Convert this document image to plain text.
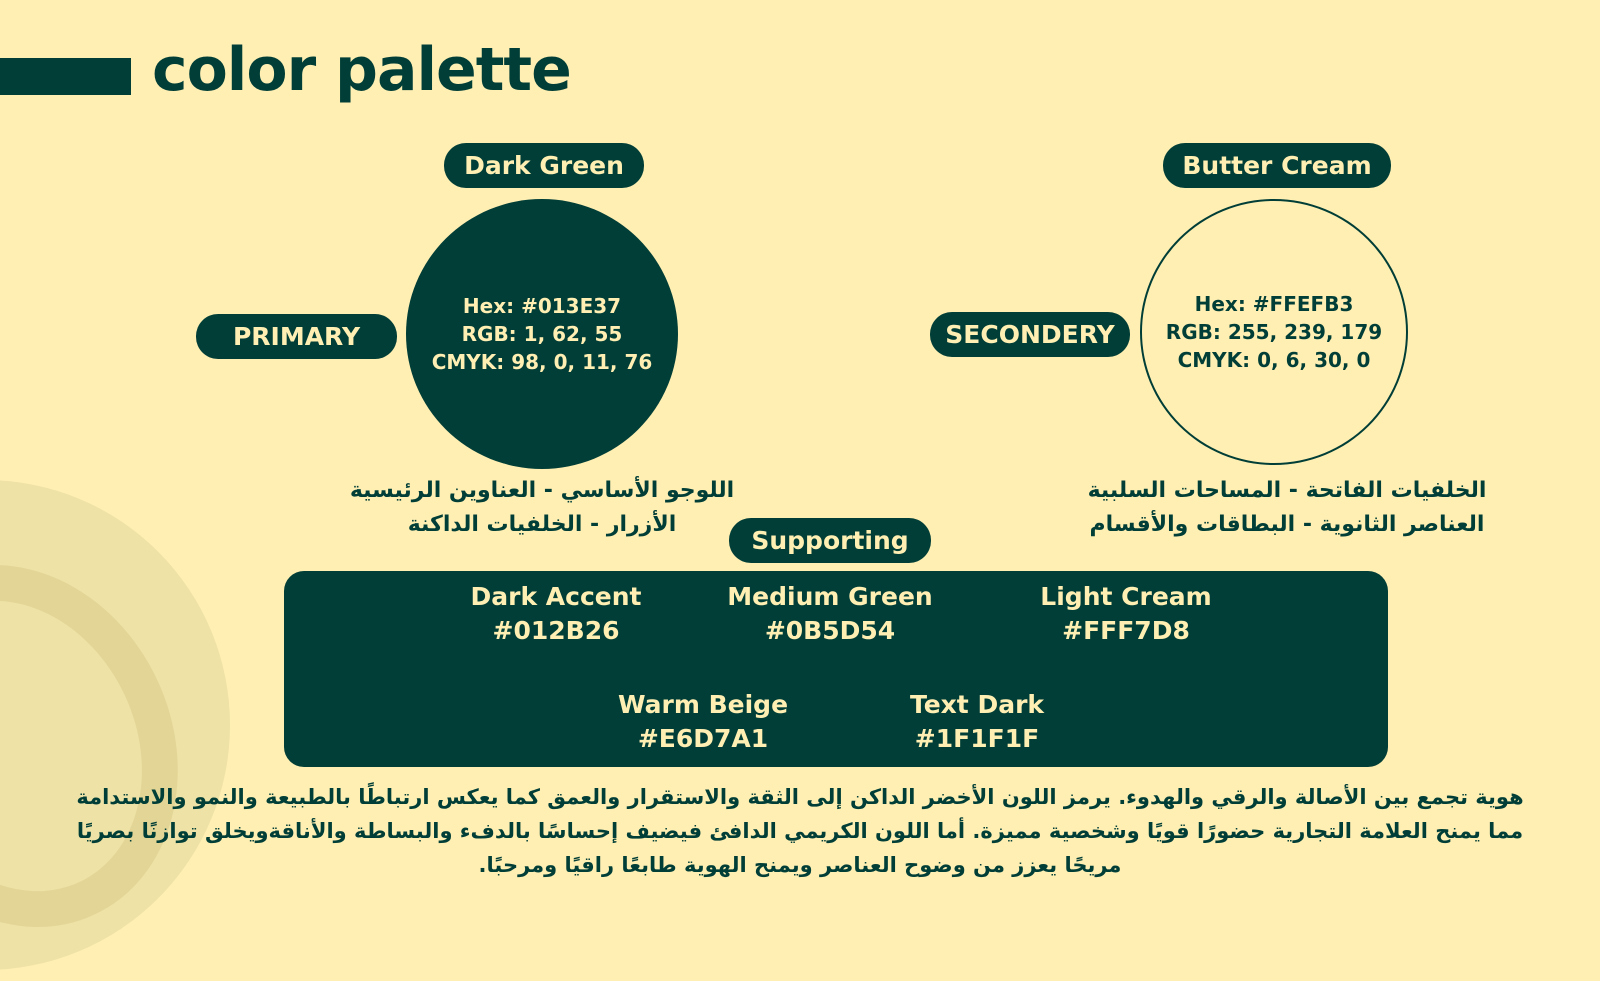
color palette
Dark Green
PRIMARY
Hex: #013E37
RGB: 1, 62, 55
CMYK: 98, 0, 11, 76
اللوجو الأساسي - العناوين الرئيسية
الأزرار - الخلفيات الداكنة
Butter Cream
SECONDERY
Hex: #FFEFB3
RGB: 255, 239, 179
CMYK: 0, 6, 30, 0
الخلفيات الفاتحة - المساحات السلبية
العناصر الثانوية - البطاقات والأقسام
Supporting
Dark Accent
#012B26
Medium Green
#0B5D54
Light Cream
#FFF7D8
Warm Beige
#E6D7A1
Text Dark
#1F1F1F

هوية تجمع بين الأصالة والرقي والهدوء. يرمز اللون الأخضر الداكن إلى الثقة والاستقرار والعمق كما يعكس ارتباطًا بالطبيعة والنمو والاستدامة
مما يمنح العلامة التجارية حضورًا قويًا وشخصية مميزة. أما اللون الكريمي الدافئ فيضيف إحساسًا بالدفء والبساطة والأناقةويخلق توازنًا بصريًا
مريحًا يعزز من وضوح العناصر ويمنح الهوية طابعًا راقيًا ومرحبًا.
